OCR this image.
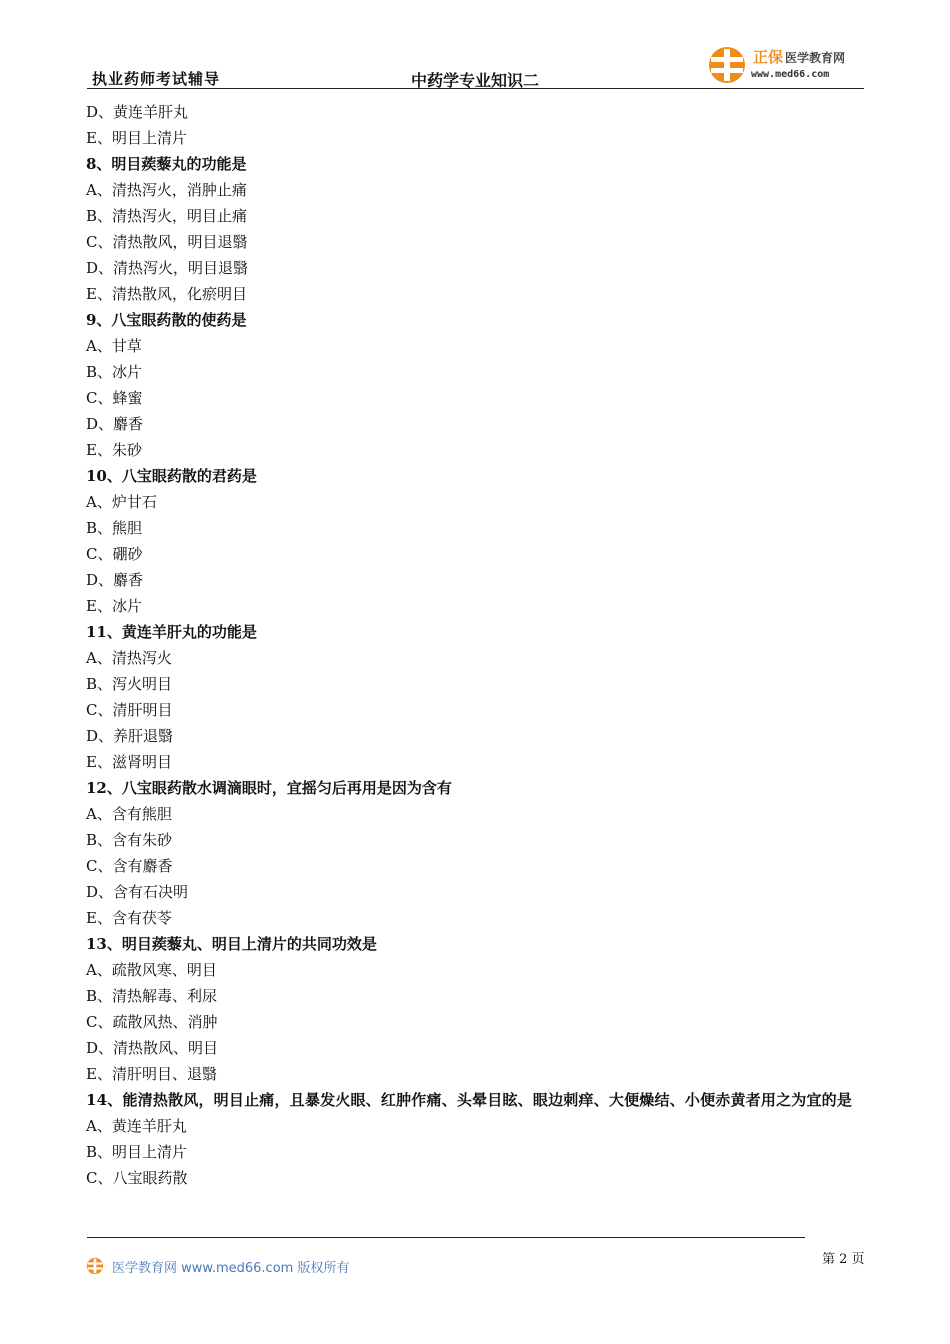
执业药师考试辅导	中药学专业知识二
正保 医学教育网
www.med66.com
D、黄连羊肝丸
E、明目上清片
8、明目蒺藜丸的功能是
A、清热泻火，消肿止痛
B、清热泻火，明目止痛
C、清热散风，明目退翳
D、清热泻火，明目退翳
E、清热散风，化瘀明目
9、八宝眼药散的使药是
A、甘草
B、冰片
C、蜂蜜
D、麝香
E、朱砂
10、八宝眼药散的君药是
A、炉甘石
B、熊胆
C、硼砂
D、麝香
E、冰片
11、黄连羊肝丸的功能是
A、清热泻火
B、泻火明目
C、清肝明目
D、养肝退翳
E、滋肾明目
12、八宝眼药散水调滴眼时，宜摇匀后再用是因为含有
A、含有熊胆
B、含有朱砂
C、含有麝香
D、含有石决明
E、含有茯苓
13、明目蒺藜丸、明目上清片的共同功效是
A、疏散风寒、明目
B、清热解毒、利尿
C、疏散风热、消肿
D、清热散风、明目
E、清肝明目、退翳
14、能清热散风，明目止痛，且暴发火眼、红肿作痛、头晕目眩、眼边刺痒、大便燥结、小便赤黄者用之为宜的是
A、黄连羊肝丸
B、明目上清片
C、八宝眼药散
第 2 页
医学教育网 www.med66.com 版权所有
